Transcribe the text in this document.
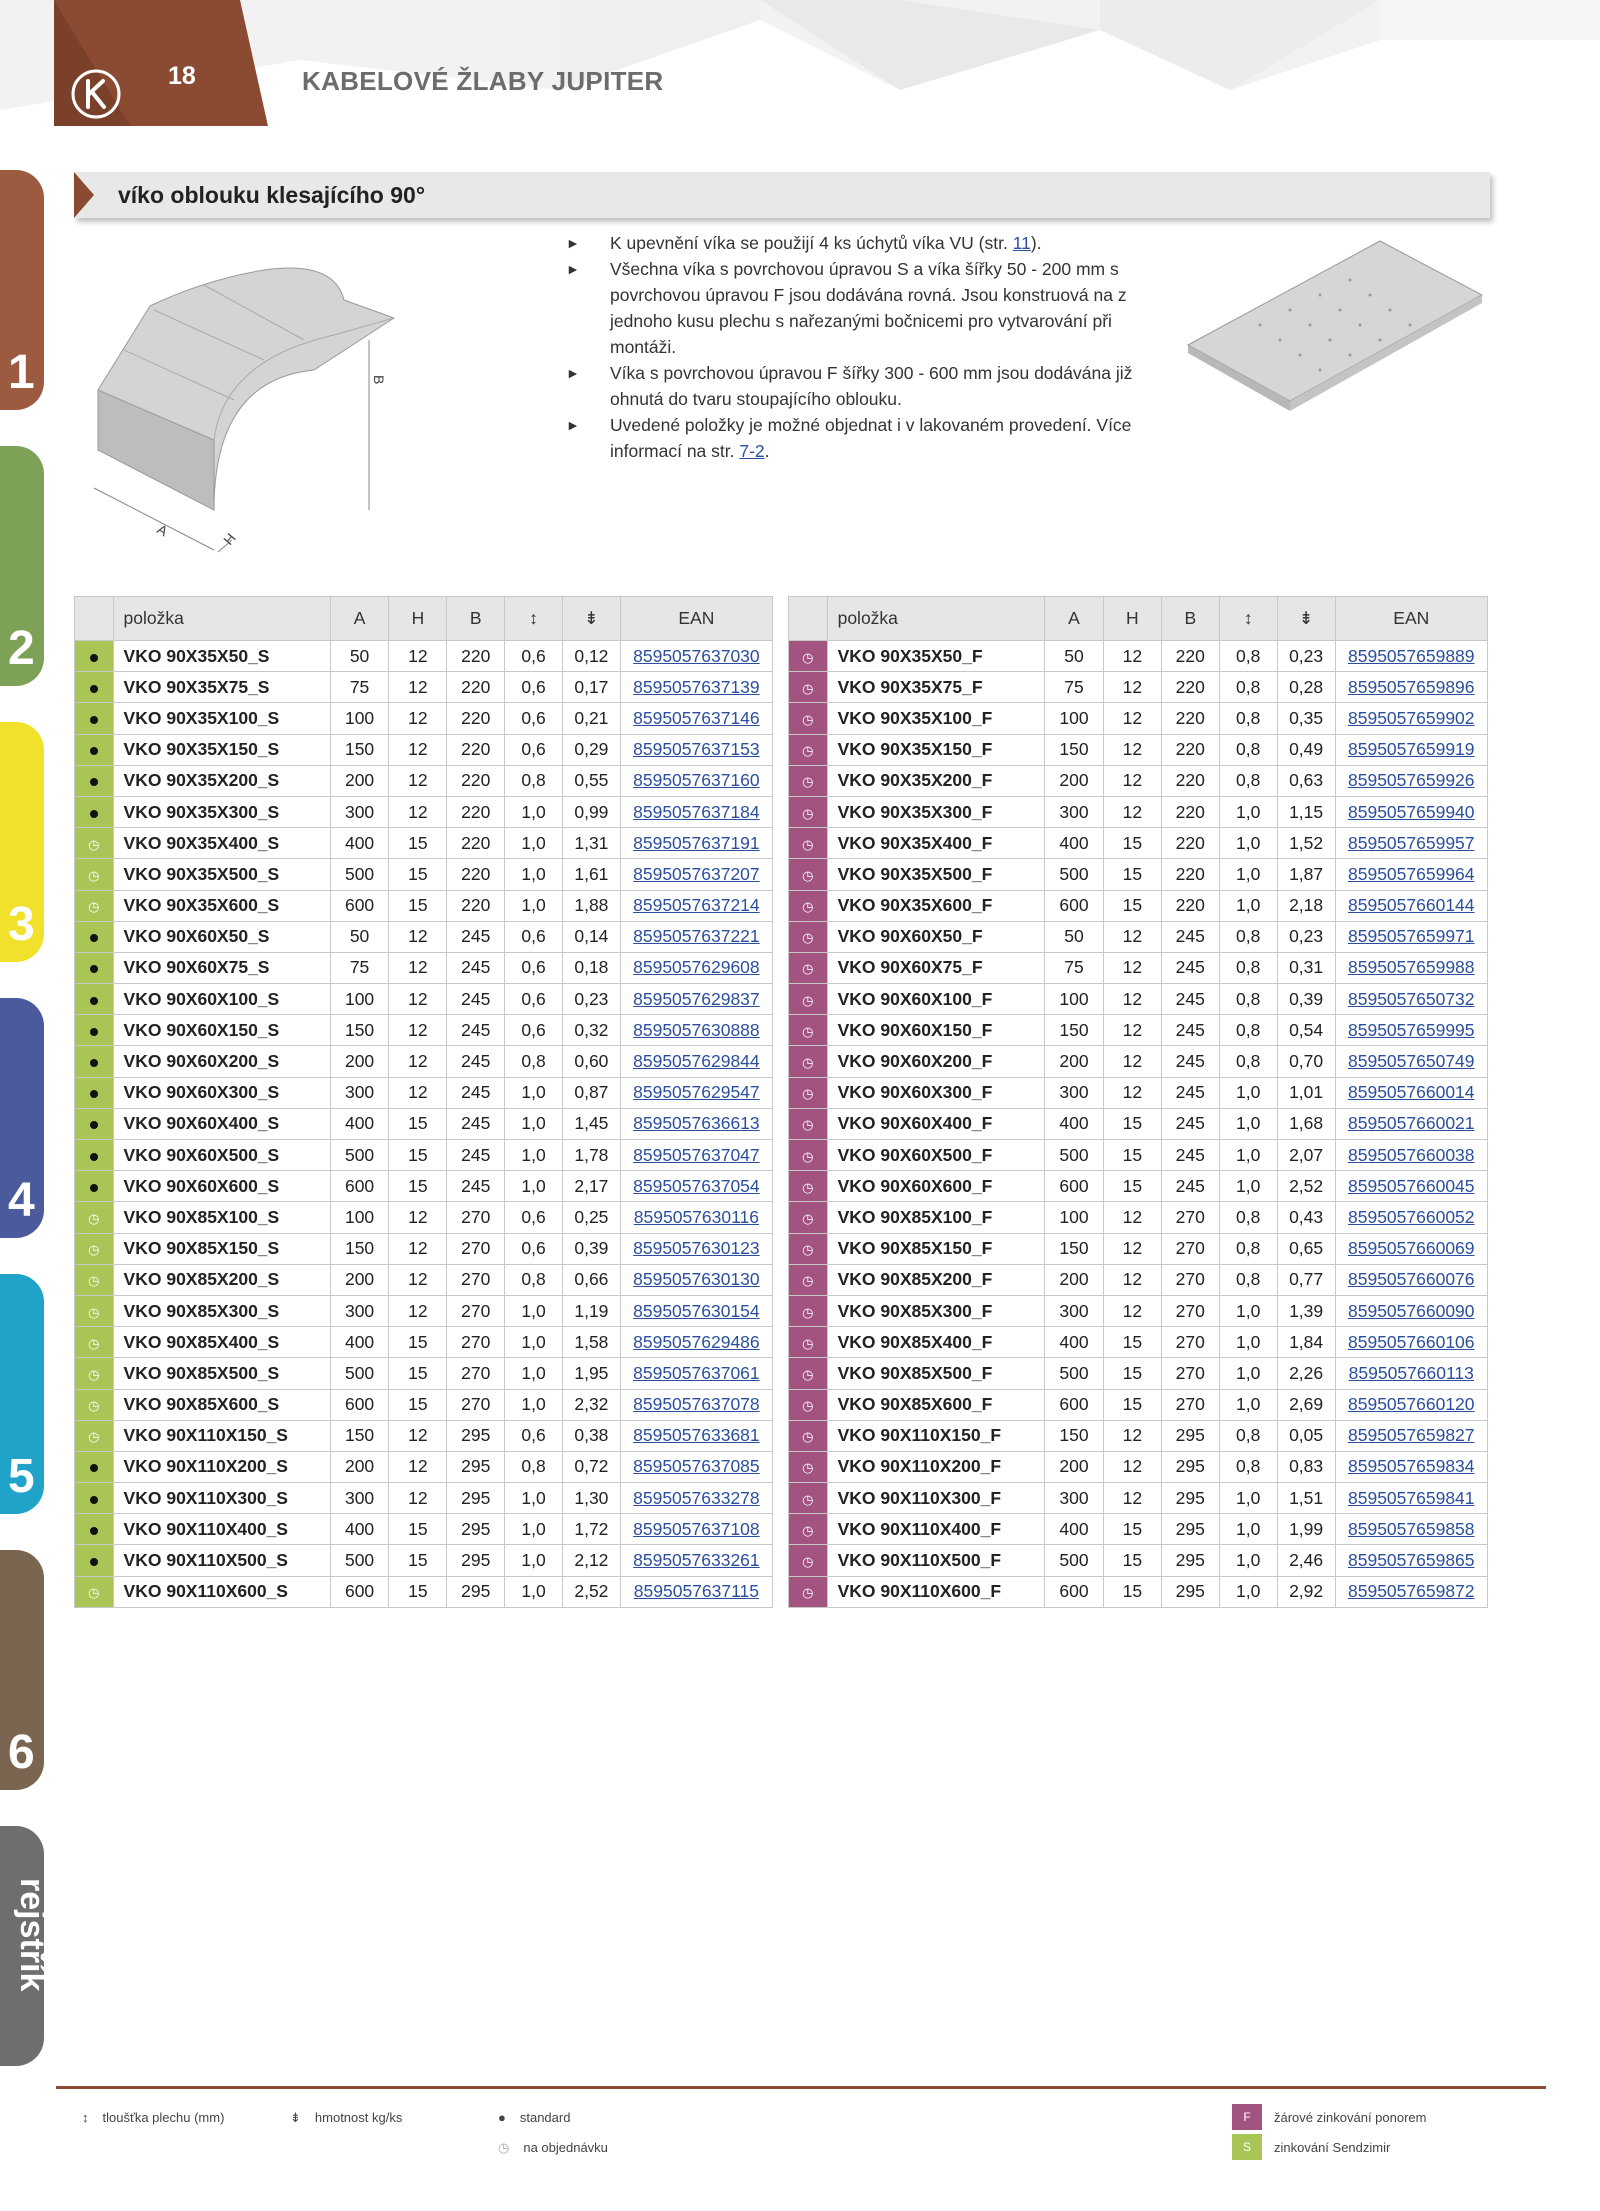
18	KABELOVÉ ŽLABY JUPITER
1
2
3
4
5
6
rejstřík
víko oblouku klesajícího 90°
B
A	H
► K upevnění víka se použijí 4 ks úchytů víka VU (str. 11).
► Všechna víka s povrchovou úpravou S a víka šířky 50 - 200 mm s povrchovou úpravou F jsou dodávána rovná. Jsou konstruová na z jednoho kusu plechu s nařezanými bočnicemi pro vytvarování při montáži.
► Víka s povrchovou úpravou F šířky 300 - 600 mm jsou dodávána již ohnutá do tvaru stoupajícího oblouku.
► Uvedené položky je možné objednat i v lakovaném provedení. Více informací na str. 7-2.
	položka	A	H	B	↕	⇟	EAN
	VKO 90X35X50_S	50	12	220	0,6	0,12	8595057637030
	VKO 90X35X75_S	75	12	220	0,6	0,17	8595057637139
	VKO 90X35X100_S	100	12	220	0,6	0,21	8595057637146
	VKO 90X35X150_S	150	12	220	0,6	0,29	8595057637153
	VKO 90X35X200_S	200	12	220	0,8	0,55	8595057637160
	VKO 90X35X300_S	300	12	220	1,0	0,99	8595057637184
◷	VKO 90X35X400_S	400	15	220	1,0	1,31	8595057637191
◷	VKO 90X35X500_S	500	15	220	1,0	1,61	8595057637207
◷	VKO 90X35X600_S	600	15	220	1,0	1,88	8595057637214
	VKO 90X60X50_S	50	12	245	0,6	0,14	8595057637221
	VKO 90X60X75_S	75	12	245	0,6	0,18	8595057629608
	VKO 90X60X100_S	100	12	245	0,6	0,23	8595057629837
	VKO 90X60X150_S	150	12	245	0,6	0,32	8595057630888
	VKO 90X60X200_S	200	12	245	0,8	0,60	8595057629844
	VKO 90X60X300_S	300	12	245	1,0	0,87	8595057629547
	VKO 90X60X400_S	400	15	245	1,0	1,45	8595057636613
	VKO 90X60X500_S	500	15	245	1,0	1,78	8595057637047
	VKO 90X60X600_S	600	15	245	1,0	2,17	8595057637054
◷	VKO 90X85X100_S	100	12	270	0,6	0,25	8595057630116
◷	VKO 90X85X150_S	150	12	270	0,6	0,39	8595057630123
◷	VKO 90X85X200_S	200	12	270	0,8	0,66	8595057630130
◷	VKO 90X85X300_S	300	12	270	1,0	1,19	8595057630154
◷	VKO 90X85X400_S	400	15	270	1,0	1,58	8595057629486
◷	VKO 90X85X500_S	500	15	270	1,0	1,95	8595057637061
◷	VKO 90X85X600_S	600	15	270	1,0	2,32	8595057637078
◷	VKO 90X110X150_S	150	12	295	0,6	0,38	8595057633681
	VKO 90X110X200_S	200	12	295	0,8	0,72	8595057637085
	VKO 90X110X300_S	300	12	295	1,0	1,30	8595057633278
	VKO 90X110X400_S	400	15	295	1,0	1,72	8595057637108
	VKO 90X110X500_S	500	15	295	1,0	2,12	8595057633261
◷	VKO 90X110X600_S	600	15	295	1,0	2,52	8595057637115
	položka	A	H	B	↕	⇟	EAN
◷	VKO 90X35X50_F	50	12	220	0,8	0,23	8595057659889
◷	VKO 90X35X75_F	75	12	220	0,8	0,28	8595057659896
◷	VKO 90X35X100_F	100	12	220	0,8	0,35	8595057659902
◷	VKO 90X35X150_F	150	12	220	0,8	0,49	8595057659919
◷	VKO 90X35X200_F	200	12	220	0,8	0,63	8595057659926
◷	VKO 90X35X300_F	300	12	220	1,0	1,15	8595057659940
◷	VKO 90X35X400_F	400	15	220	1,0	1,52	8595057659957
◷	VKO 90X35X500_F	500	15	220	1,0	1,87	8595057659964
◷	VKO 90X35X600_F	600	15	220	1,0	2,18	8595057660144
◷	VKO 90X60X50_F	50	12	245	0,8	0,23	8595057659971
◷	VKO 90X60X75_F	75	12	245	0,8	0,31	8595057659988
◷	VKO 90X60X100_F	100	12	245	0,8	0,39	8595057650732
◷	VKO 90X60X150_F	150	12	245	0,8	0,54	8595057659995
◷	VKO 90X60X200_F	200	12	245	0,8	0,70	8595057650749
◷	VKO 90X60X300_F	300	12	245	1,0	1,01	8595057660014
◷	VKO 90X60X400_F	400	15	245	1,0	1,68	8595057660021
◷	VKO 90X60X500_F	500	15	245	1,0	2,07	8595057660038
◷	VKO 90X60X600_F	600	15	245	1,0	2,52	8595057660045
◷	VKO 90X85X100_F	100	12	270	0,8	0,43	8595057660052
◷	VKO 90X85X150_F	150	12	270	0,8	0,65	8595057660069
◷	VKO 90X85X200_F	200	12	270	0,8	0,77	8595057660076
◷	VKO 90X85X300_F	300	12	270	1,0	1,39	8595057660090
◷	VKO 90X85X400_F	400	15	270	1,0	1,84	8595057660106
◷	VKO 90X85X500_F	500	15	270	1,0	2,26	8595057660113
◷	VKO 90X85X600_F	600	15	270	1,0	2,69	8595057660120
◷	VKO 90X110X150_F	150	12	295	0,8	0,05	8595057659827
◷	VKO 90X110X200_F	200	12	295	0,8	0,83	8595057659834
◷	VKO 90X110X300_F	300	12	295	1,0	1,51	8595057659841
◷	VKO 90X110X400_F	400	15	295	1,0	1,99	8595057659858
◷	VKO 90X110X500_F	500	15	295	1,0	2,46	8595057659865
◷	VKO 90X110X600_F	600	15	295	1,0	2,92	8595057659872
↕ tloušťka plechu (mm)	⇟ hmotnost kg/ks	● standard
◷ na objednávku
F	žárové zinkování ponorem
S	zinkování Sendzimir
